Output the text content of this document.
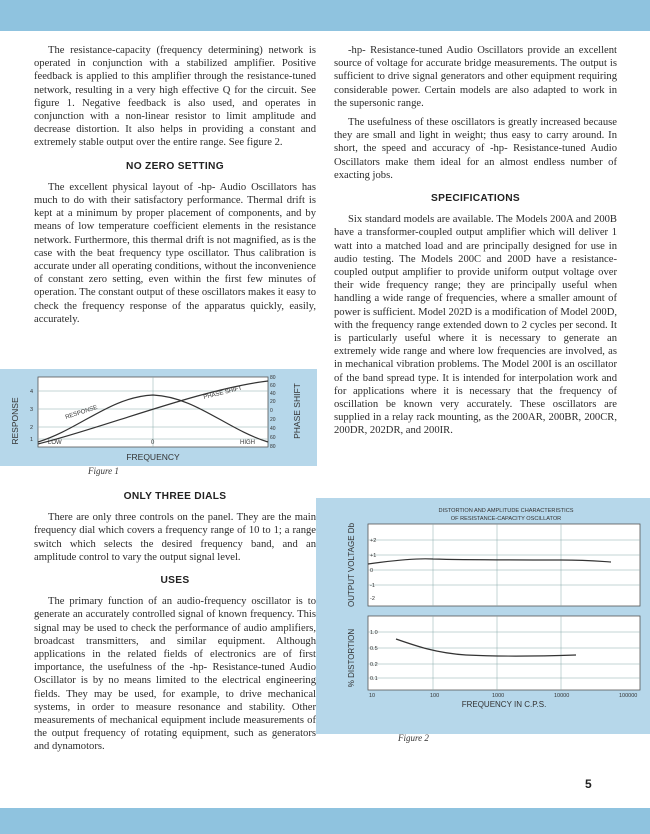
The resistance-capacity (frequency determining) network is operated in conjunction with a stabilized amplifier. Positive feedback is applied to this amplifier through the resistance-tuned network, resulting in a very high effective Q for the circuit. See figure 1. Negative feedback is also used, and operates in conjunction with a non-linear resistor to limit amplitude and decrease distortion. It also helps in providing a constant and extremely stable output over the entire range. See figure 2.

NO ZERO SETTING

The excellent physical layout of -hp- Audio Oscillators has much to do with their satisfactory performance. Thermal drift is kept at a minimum by proper placement of components, and by means of low temperature coefficient elements in the resistance network. Furthermore, this thermal drift is not magnified, as is the case with the beat frequency type oscillator. Thus calibration is accurate under all operating conditions, without the inconvenience of constant zero setting, even within the first few minutes of operation. The constant output of these oscillators makes it easy to check the frequency response of the apparatus quickly, easily, accurately.

RESPONSE	PHASE SHIFT
FREQUENCY
LOW	0	HIGH
RESPONSE
PHASE SHIFT
4
3
2
1
80
60
40
20
0
20
40
60
80
Figure 1
ONLY THREE DIALS

There are only three controls on the panel. They are the main frequency dial which covers a frequency range of 10 to 1; a range switch which selects the desired frequency band, and an amplitude control to vary the output signal level.

USES

The primary function of an audio-frequency oscillator is to generate an accurately controlled signal of known frequency. This signal may be used to check the performance of audio amplifiers, broadcast transmitters, and similar equipment. Although applications in the related fields of electronics are of first importance, the usefulness of the -hp- Resistance-tuned Audio Oscillator is by no means limited to the electrical engineering fields. They may be used, for example, to drive mechanical systems, in order to measure resonance and stability. Other measurements of mechanical equipment include measurements of the output frequency of rotating equipment, such as generators and dynamotors.

-hp- Resistance-tuned Audio Oscillators provide an excellent source of voltage for accurate bridge measurements. The output is sufficient to drive signal generators and other equipment requiring considerable power. Certain models are also adapted to work in the supersonic range.

The usefulness of these oscillators is greatly increased because they are small and light in weight; thus easy to carry around. In short, the speed and accuracy of -hp- Resistance-tuned Audio Oscillators make them ideal for an almost endless number of exacting jobs.

SPECIFICATIONS

Six standard models are available. The Models 200A and 200B have a transformer-coupled output amplifier which will deliver 1 watt into a matched load and are principally designed for use in audio testing. The Models 200C and 200D have a resistance-coupled output amplifier to provide uniform output voltage over their wide frequency range; they are principally useful when handling a wide range of frequencies, where a smaller amount of power is sufficient. Model 202D is a modification of Model 200D, with the frequency range extended down to 2 cycles per second. It is particularly useful where it is necessary to generate an extremely wide range and where low frequencies are involved, as in mechanical vibration problems. The Model 200I is an oscillator of the band spread type. It is intended for interpolation work and for applications where it is necessary that the frequency of oscillation be known very accurately. These oscillators are supplied in a relay rack mounting, as the 200AR, 200BR, 200CR, 200DR, 202DR, and 200IR.

DISTORTION AND AMPLITUDE CHARACTERISTICS
OF RESISTANCE-CAPACITY OSCILLATOR
+2
+1
0
-1
-2
OUTPUT VOLTAGE Db
1.0
0.5
0.2
0.1
% DISTORTION
10	100	1000	10000	100000
FREQUENCY IN C.P.S.
Figure 2
5
